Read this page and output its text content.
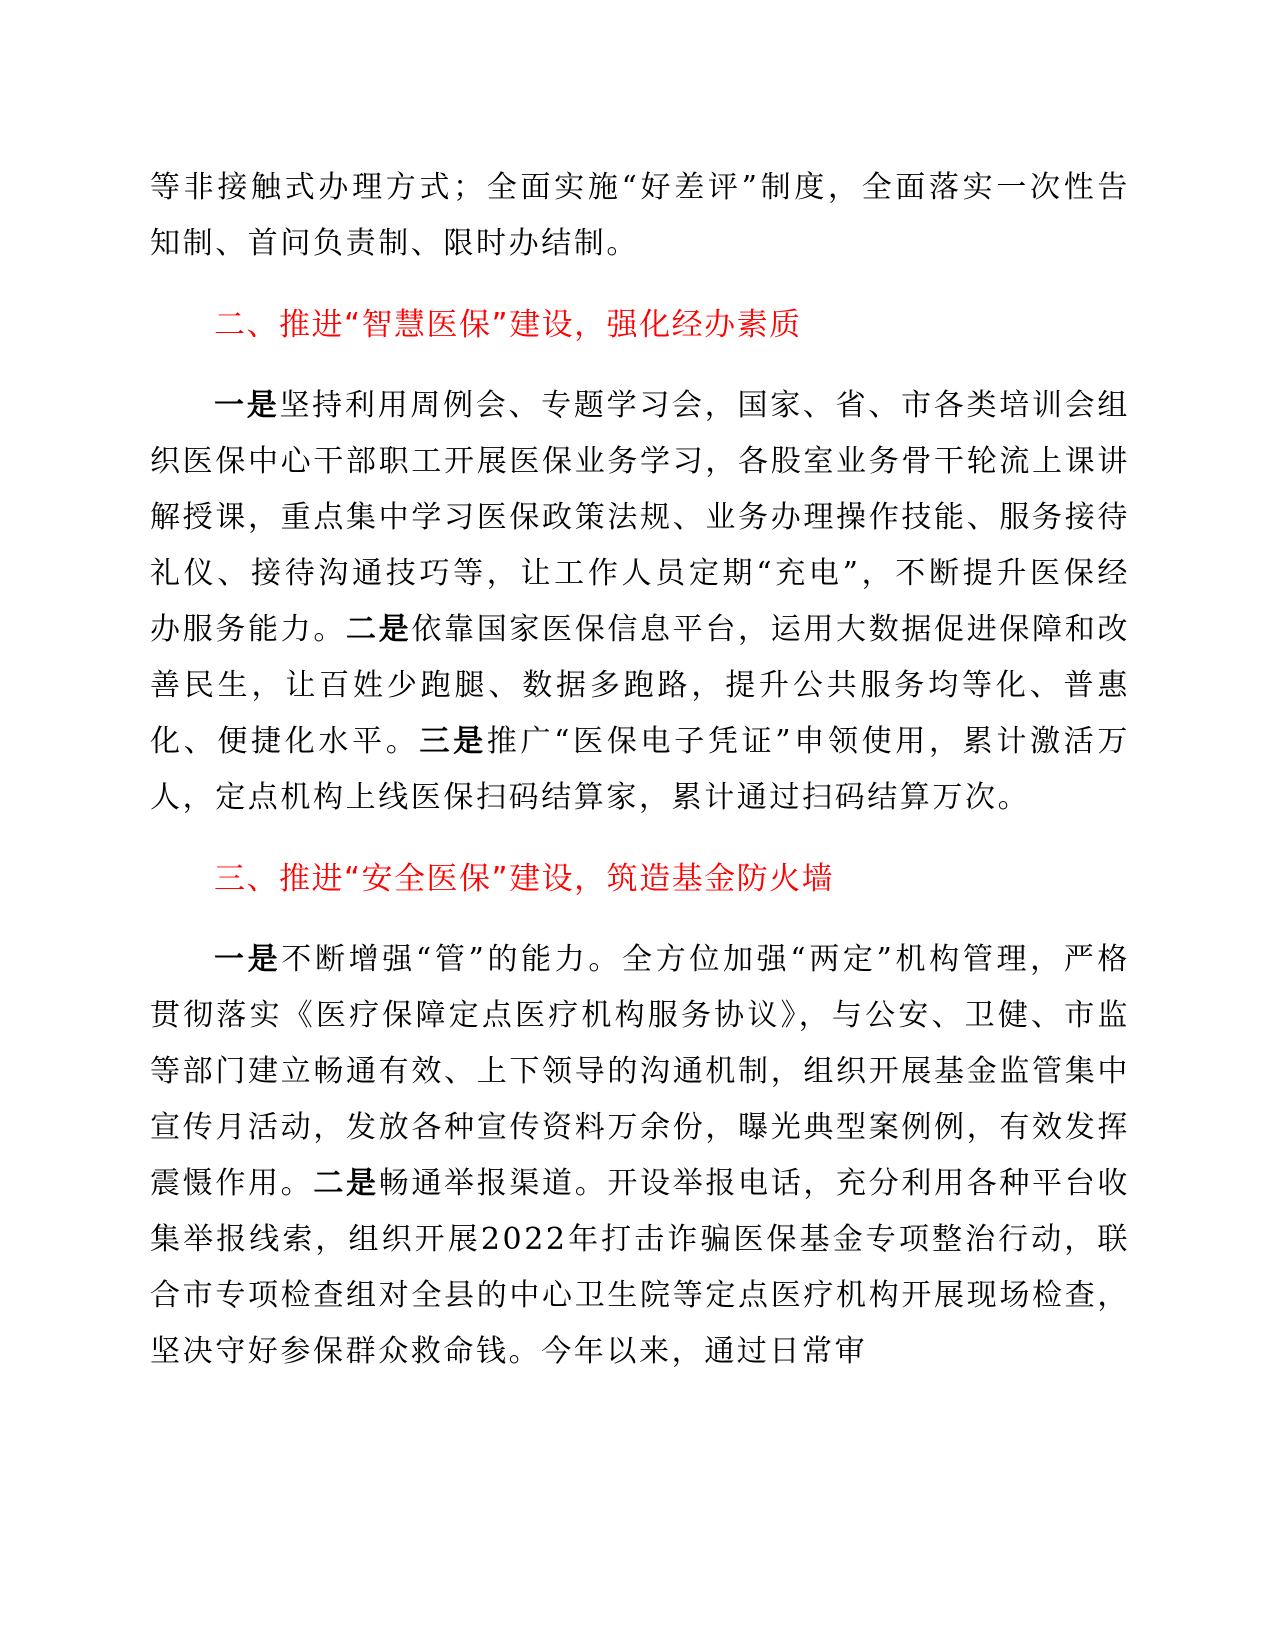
等非接触式办理方式；全面实施“好差评”制度，全面落实一次性告知制、首问负责制、限时办结制。

二、推进“智慧医保”建设，强化经办素质

一是坚持利用周例会、专题学习会，国家、省、市各类培训会组织医保中心干部职工开展医保业务学习，各股室业务骨干轮流上课讲解授课，重点集中学习医保政策法规、业务办理操作技能、服务接待礼仪、接待沟通技巧等，让工作人员定期“充电”，不断提升医保经办服务能力。二是依靠国家医保信息平台，运用大数据促进保障和改善民生，让百姓少跑腿、数据多跑路，提升公共服务均等化、普惠化、便捷化水平。三是推广“医保电子凭证”申领使用，累计激活万人，定点机构上线医保扫码结算家，累计通过扫码结算万次。

三、推进“安全医保”建设，筑造基金防火墙

一是不断增强“管”的能力。全方位加强“两定”机构管理，严格贯彻落实《医疗保障定点医疗机构服务协议》，与公安、卫健、市监等部门建立畅通有效、上下领导的沟通机制，组织开展基金监管集中宣传月活动，发放各种宣传资料万余份，曝光典型案例例，有效发挥震慑作用。二是畅通举报渠道。开设举报电话，充分利用各种平台收集举报线索，组织开展2022年打击诈骗医保基金专项整治行动，联合市专项检查组对全县的中心卫生院等定点医疗机构开展现场检查，坚决守好参保群众救命钱。今年以来，通过日常审
